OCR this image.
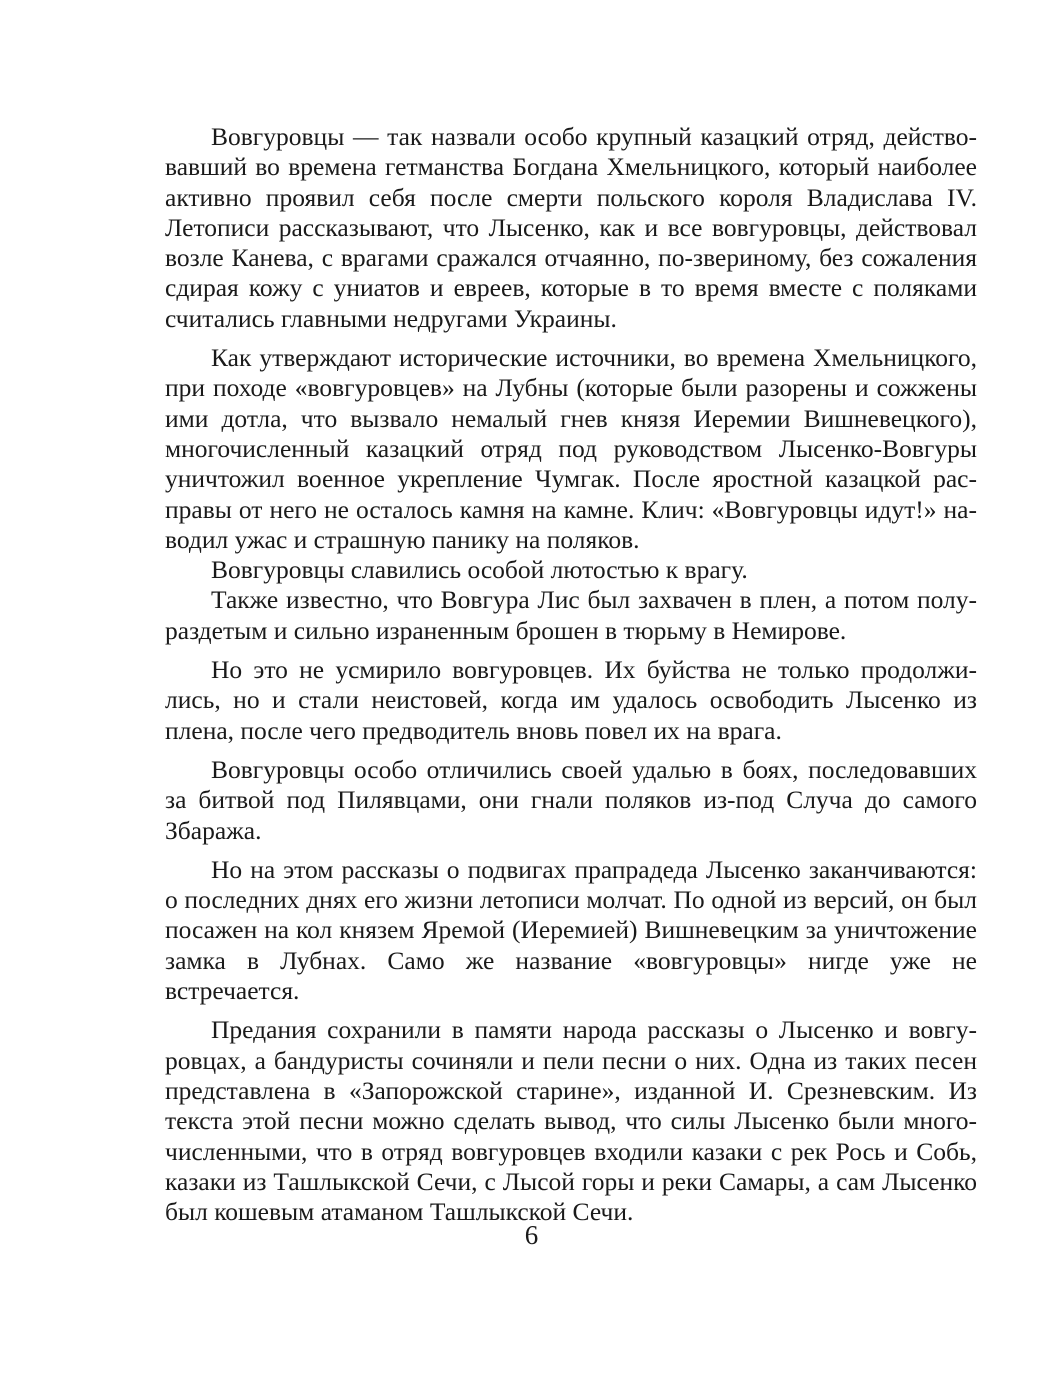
Вовгуровцы — так назвали особо крупный казацкий отряд, действовавший во времена гетманства Богдана Хмельницкого, который наиболее активно проявил себя после смерти польского короля Владислава IV. Летописи рассказывают, что Лысенко, как и все вовгуровцы, действовал возле Канева, с врагами сражался отчаянно, по-звериному, без сожаления сдирая кожу с униатов и евреев, которые в то время вместе с поляками считались главными недругами Украины.

Как утверждают исторические источники, во времена Хмельницкого, при походе «вовгуровцев» на Лубны (которые были разорены и сожжены ими дотла, что вызвало немалый гнев князя Иеремии Вишневецкого), многочисленный казацкий отряд под руководством Лысенко-Вовгуры уничтожил военное укрепление Чумгак. После яростной казацкой расправы от него не осталось камня на камне. Клич: «Вовгуровцы идут!» наводил ужас и страшную панику на поляков.

Вовгуровцы славились особой лютостью к врагу.

Также известно, что Вовгура Лис был захвачен в плен, а потом полураздетым и сильно израненным брошен в тюрьму в Немирове.

Но это не усмирило вовгуровцев. Их буйства не только продолжились, но и стали неистовей, когда им удалось освободить Лысенко из плена, после чего предводитель вновь повел их на врага.

Вовгуровцы особо отличились своей удалью в боях, последовавших за битвой под Пилявцами, они гнали поляков из-под Случа до самого Збаража.

Но на этом рассказы о подвигах прапрадеда Лысенко заканчиваются: о последних днях его жизни летописи молчат. По одной из версий, он был посажен на кол князем Яремой (Иеремией) Вишневецким за уничтожение замка в Лубнах. Само же название «вовгуровцы» нигде уже не встречается.

Предания сохранили в памяти народа рассказы о Лысенко и вовгуровцах, а бандуристы сочиняли и пели песни о них. Одна из таких песен представлена в «Запорожской старине», изданной И. Срезневским. Из текста этой песни можно сделать вывод, что силы Лысенко были многочисленными, что в отряд вовгуровцев входили казаки с рек Рось и Собь, казаки из Ташлыкской Сечи, с Лысой горы и реки Самары, а сам Лысенко был кошевым атаманом Ташлыкской Сечи.

6
